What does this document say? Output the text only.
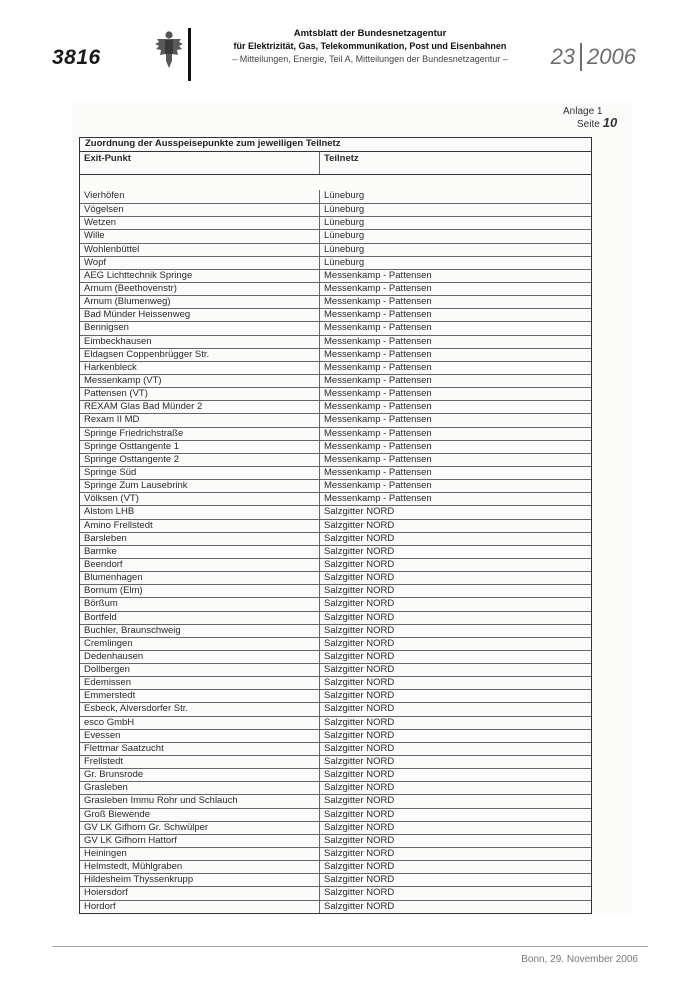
3816
Amtsblatt der Bundesnetzagentur
für Elektrizität, Gas, Telekommunikation, Post und Eisenbahnen
– Mitteilungen, Energie, Teil A, Mitteilungen der Bundesnetzagentur –	23 2006
Anlage 1
Seite 10
Zuordnung der Ausspeisepunkte zum jeweiligen Teilnetz
Exit-Punkt	Teilnetz
Vierhöfen	Lüneburg
Vögelsen	Lüneburg
Wetzen	Lüneburg
Wille	Lüneburg
Wohlenbüttel	Lüneburg
Wopf	Lüneburg
AEG Lichttechnik Springe	Messenkamp - Pattensen
Arnum (Beethovenstr)	Messenkamp - Pattensen
Arnum (Blumenweg)	Messenkamp - Pattensen
Bad Münder Heissenweg	Messenkamp - Pattensen
Bennigsen	Messenkamp - Pattensen
Eimbeckhausen	Messenkamp - Pattensen
Eldagsen Coppenbrügger Str.	Messenkamp - Pattensen
Harkenbleck	Messenkamp - Pattensen
Messenkamp (VT)	Messenkamp - Pattensen
Pattensen (VT)	Messenkamp - Pattensen
REXAM Glas Bad Münder 2	Messenkamp - Pattensen
Rexam II MD	Messenkamp - Pattensen
Springe Friedrichstraße	Messenkamp - Pattensen
Springe Osttangente 1	Messenkamp - Pattensen
Springe Osttangente 2	Messenkamp - Pattensen
Springe Süd	Messenkamp - Pattensen
Springe Zum Lausebrink	Messenkamp - Pattensen
Völksen (VT)	Messenkamp - Pattensen
Alstom LHB	Salzgitter NORD
Amino Frellstedt	Salzgitter NORD
Barsleben	Salzgitter NORD
Barmke	Salzgitter NORD
Beendorf	Salzgitter NORD
Blumenhagen	Salzgitter NORD
Bornum (Elm)	Salzgitter NORD
Börßum	Salzgitter NORD
Bortfeld	Salzgitter NORD
Buchler, Braunschweig	Salzgitter NORD
Cremlingen	Salzgitter NORD
Dedenhausen	Salzgitter NORD
Dollbergen	Salzgitter NORD
Edemissen	Salzgitter NORD
Emmerstedt	Salzgitter NORD
Esbeck, Alversdorfer Str.	Salzgitter NORD
esco GmbH	Salzgitter NORD
Evessen	Salzgitter NORD
Flettmar Saatzucht	Salzgitter NORD
Frellstedt	Salzgitter NORD
Gr. Brunsrode	Salzgitter NORD
Grasleben	Salzgitter NORD
Grasleben Immu Rohr und Schlauch	Salzgitter NORD
Groß Biewende	Salzgitter NORD
GV LK Gifhorn Gr. Schwülper	Salzgitter NORD
GV LK Gifhorn Hattorf	Salzgitter NORD
Heiningen	Salzgitter NORD
Helmstedt, Mühlgraben	Salzgitter NORD
Hildesheim Thyssenkrupp	Salzgitter NORD
Hoiersdorf	Salzgitter NORD
Hordorf	Salzgitter NORD
Bonn, 29. November 2006
